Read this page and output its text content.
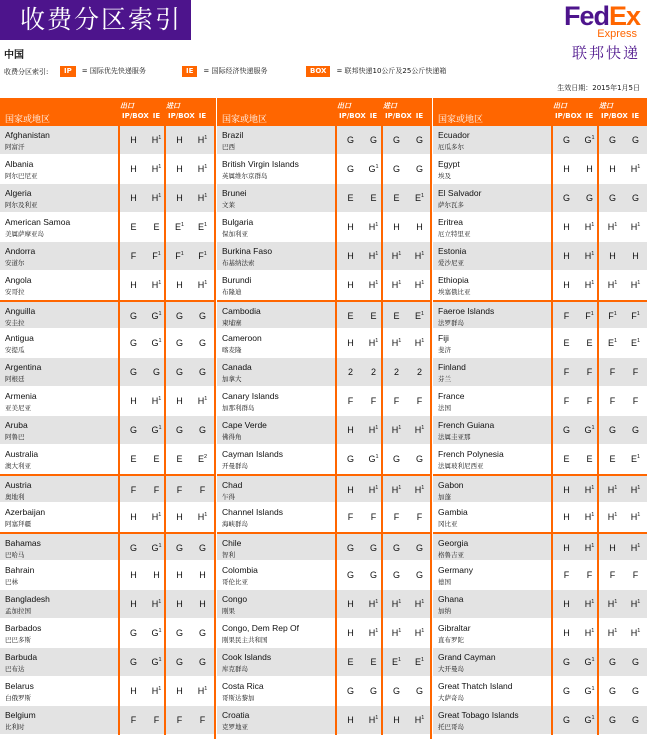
收费分区索引	FedEx
Express
联邦快递
中国
收费分区索引:	IP	= 国际优先快递服务	IE	= 国际经济快递服务	BOX	= 联邦快递10公斤及25公斤快递箱
生效日期：2015年1月5日
国家或地区
出口	进口
IP/BOX IE	IP/BOX IE
Afghanistan
阿富汗
H	$H^1$	H	$H^1$
Albania
阿尔巴尼亚
H	$H^1$	H	$H^1$
Algeria
阿尔及利亚
H	$H^1$	H	$H^1$
American Samoa
美属萨摩亚岛
E	E	$E^1$	$E^1$
Andorra
安道尔
F	$F^1$	$F^1$	$F^1$
Angola
安哥拉
H	$H^1$	H	$H^1$
Anguilla
安圭拉
G	$G^1$	G	G
Antigua
安提瓜
G	$G^1$	G	G
Argentina
阿根廷
G	G	G	G
Armenia
亚美尼亚
H	$H^1$	H	$H^1$
Aruba
阿鲁巴
G	$G^1$	G	G
Australia
澳大利亚
E	E	E	$E^2$
Austria
奥地利
F	F	F	F
Azerbaijan
阿塞拜疆
H	$H^1$	H	$H^1$
Bahamas
巴哈马
G	$G^1$	G	G
Bahrain
巴林
H	H	H	H
Bangladesh
孟加拉国
H	$H^1$	H	H
Barbados
巴巴多斯
G	$G^1$	G	G
Barbuda
巴布达
G	$G^1$	G	G
Belarus
白俄罗斯
H	$H^1$	H	$H^1$
Belgium
比利时
F	F	F	F
国家或地区
出口	进口
IP/BOX IE	IP/BOX IE
Brazil
巴西
G	G	G	G
British Virgin Islands
英属维尔京群岛
G	$G^1$	G	G
Brunei
文莱
E	E	E	$E^1$
Bulgaria
保加利亚
H	$H^1$	H	H
Burkina Faso
布基纳法索
H	$H^1$	$H^1$	$H^1$
Burundi
布隆迪
H	$H^1$	$H^1$	$H^1$
Cambodia
柬埔寨
E	E	E	$E^1$
Cameroon
喀麦隆
H	$H^1$	$H^1$	$H^1$
Canada
加拿大
2	2	2	2
Canary Islands
加那利群岛
F	F	F	F
Cape Verde
佛得角
H	$H^1$	$H^1$	$H^1$
Cayman Islands
开曼群岛
G	$G^1$	G	G
Chad
乍得
H	$H^1$	$H^1$	$H^1$
Channel Islands
海峡群岛
F	F	F	F
Chile
智利
G	G	G	G
Colombia
哥伦比亚
G	G	G	G
Congo
刚果
H	$H^1$	$H^1$	$H^1$
Congo, Dem Rep Of
刚果民主共和国
H	$H^1$	$H^1$	$H^1$
Cook Islands
库克群岛
E	E	$E^1$	$E^1$
Costa Rica
哥斯达黎加
G	G	G	G
Croatia
克罗地亚
H	$H^1$	H	$H^1$
国家或地区
出口	进口
IP/BOX IE	IP/BOX IE
Ecuador
厄瓜多尔
G	$G^1$	G	G
Egypt
埃及
H	H	H	$H^1$
El Salvador
萨尔瓦多
G	G	G	G
Eritrea
厄立特里亚
H	$H^1$	$H^1$	$H^1$
Estonia
爱沙尼亚
H	$H^1$	H	H
Ethiopia
埃塞俄比亚
H	$H^1$	$H^1$	$H^1$
Faeroe Islands
法罗群岛
F	$F^1$	$F^1$	$F^1$
Fiji
斐济
E	E	$E^1$	$E^1$
Finland
芬兰
F	F	F	F
France
法国
F	F	F	F
French Guiana
法属圭亚那
G	$G^1$	G	G
French Polynesia
法属玻利尼西亚
E	E	E	$E^1$
Gabon
加蓬
H	$H^1$	$H^1$	$H^1$
Gambia
冈比亚
H	$H^1$	$H^1$	$H^1$
Georgia
格鲁吉亚
H	$H^1$	H	$H^1$
Germany
德国
F	F	F	F
Ghana
加纳
H	$H^1$	$H^1$	$H^1$
Gibraltar
直布罗陀
H	$H^1$	$H^1$	$H^1$
Grand Cayman
大开曼岛
G	$G^1$	G	G
Great Thatch Island
大萨奇岛
G	$G^1$	G	G
Great Tobago Islands
托巴哥岛
G	$G^1$	G	G
